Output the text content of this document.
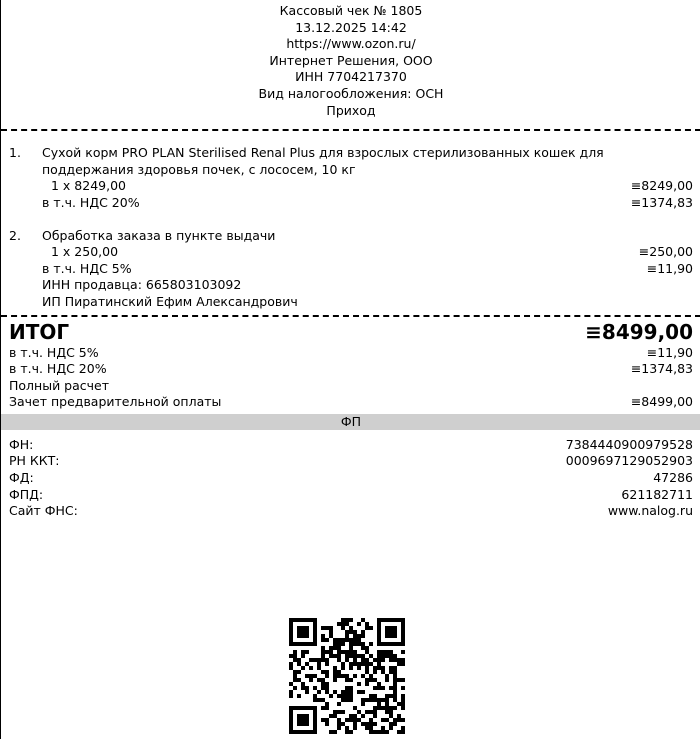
Кассовый чек № 1805
13.12.2025 14:42
https://www.ozon.ru/
Интернет Решения, ООО
ИНН 7704217370
Вид налогообложения: ОСН
Приход
1.	Сухой корм PRO PLAN Sterilised Renal Plus для взрослых стерилизованных кошек для
поддержания здоровья почек, с лососем, 10 кг
1 x 8249,00	≡8249,00
в т.ч. НДС 20%	≡1374,83
2.	Обработка заказа в пункте выдачи
1 x 250,00	≡250,00
в т.ч. НДС 5%	≡11,90
ИНН продавца: 665803103092
ИП Пиратинский Ефим Александрович
ИТОГ	≡8499,00
в т.ч. НДС 5%	≡11,90
в т.ч. НДС 20%	≡1374,83
Полный расчет
Зачет предварительной оплаты	≡8499,00
ФП
ФН:	7384440900979528
РН ККТ:	0009697129052903
ФД:	47286
ФПД:	621182711
Сайт ФНС:	www.nalog.ru
